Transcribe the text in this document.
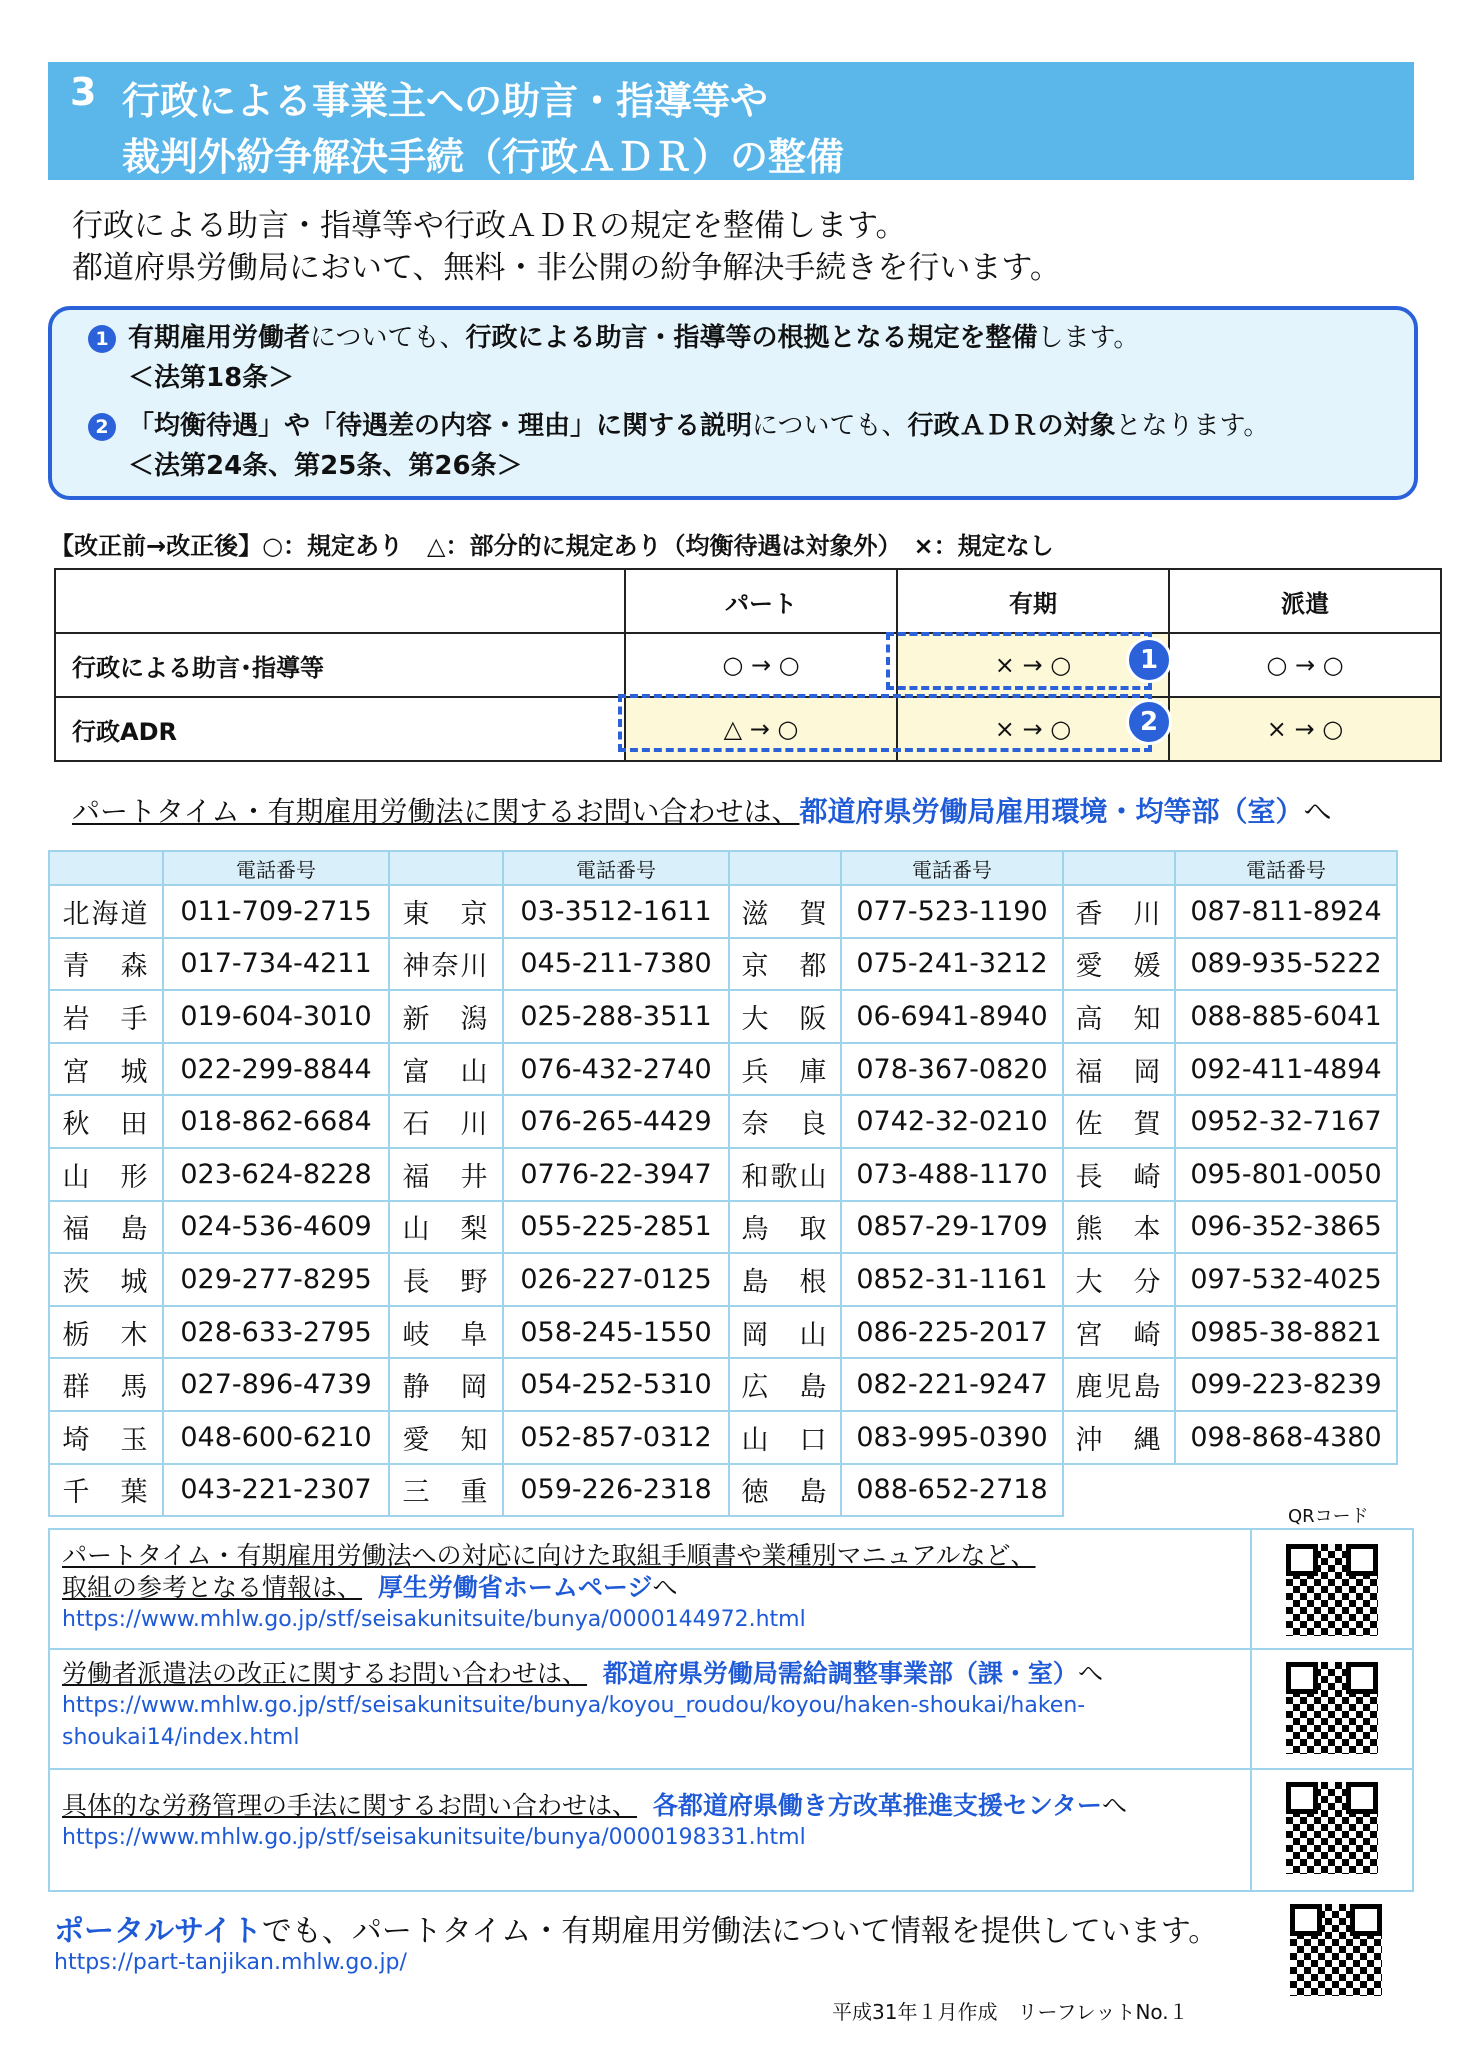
3 行政による事業主への助言・指導等や
裁判外紛争解決手続（行政ＡＤＲ）の整備
行政による助言・指導等や行政ＡＤＲの規定を整備します。
都道府県労働局において、無料・非公開の紛争解決手続きを行います。
1 有期雇用労働者についても、行政による助言・指導等の根拠となる規定を整備します。
＜法第18条＞
2 「均衡待遇」や「待遇差の内容・理由」に関する説明についても、行政ＡＤＲの対象となります。
＜法第24条、第25条、第26条＞
【改正前→改正後】○：規定あり　△：部分的に規定あり（均衡待遇は対象外）　×：規定なし
	パート	有期	派遣
行政による助言･指導等	○ → ○	× → ○	○ → ○
行政ADR	△ → ○	× → ○	× → ○
1
2
パートタイム・有期雇用労働法に関するお問い合わせは、都道府県労働局雇用環境・均等部（室）へ
	電話番号		電話番号		電話番号		電話番号
北海道	011-709-2715	東　京	03-3512-1611	滋　賀	077-523-1190	香　川	087-811-8924
青　森	017-734-4211	神奈川	045-211-7380	京　都	075-241-3212	愛　媛	089-935-5222
岩　手	019-604-3010	新　潟	025-288-3511	大　阪	06-6941-8940	高　知	088-885-6041
宮　城	022-299-8844	富　山	076-432-2740	兵　庫	078-367-0820	福　岡	092-411-4894
秋　田	018-862-6684	石　川	076-265-4429	奈　良	0742-32-0210	佐　賀	0952-32-7167
山　形	023-624-8228	福　井	0776-22-3947	和歌山	073-488-1170	長　崎	095-801-0050
福　島	024-536-4609	山　梨	055-225-2851	鳥　取	0857-29-1709	熊　本	096-352-3865
茨　城	029-277-8295	長　野	026-227-0125	島　根	0852-31-1161	大　分	097-532-4025
栃　木	028-633-2795	岐　阜	058-245-1550	岡　山	086-225-2017	宮　崎	0985-38-8821
群　馬	027-896-4739	静　岡	054-252-5310	広　島	082-221-9247	鹿児島	099-223-8239
埼　玉	048-600-6210	愛　知	052-857-0312	山　口	083-995-0390	沖　縄	098-868-4380
千　葉	043-221-2307	三　重	059-226-2318	徳　島	088-652-2718		
QRコード
パートタイム・有期雇用労働法への対応に向けた取組手順書や業種別マニュアルなど、
取組の参考となる情報は、 厚生労働省ホームページへ
https://www.mhlw.go.jp/stf/seisakunitsuite/bunya/0000144972.html
労働者派遣法の改正に関するお問い合わせは、 都道府県労働局需給調整事業部（課・室）へ
https://www.mhlw.go.jp/stf/seisakunitsuite/bunya/koyou_roudou/koyou/haken-shoukai/haken-
shoukai14/index.html
具体的な労務管理の手法に関するお問い合わせは、 各都道府県働き方改革推進支援センターへ
https://www.mhlw.go.jp/stf/seisakunitsuite/bunya/0000198331.html
ポータルサイトでも、パートタイム・有期雇用労働法について情報を提供しています。
https://part-tanjikan.mhlw.go.jp/
平成31年１月作成　リーフレットNo.１
